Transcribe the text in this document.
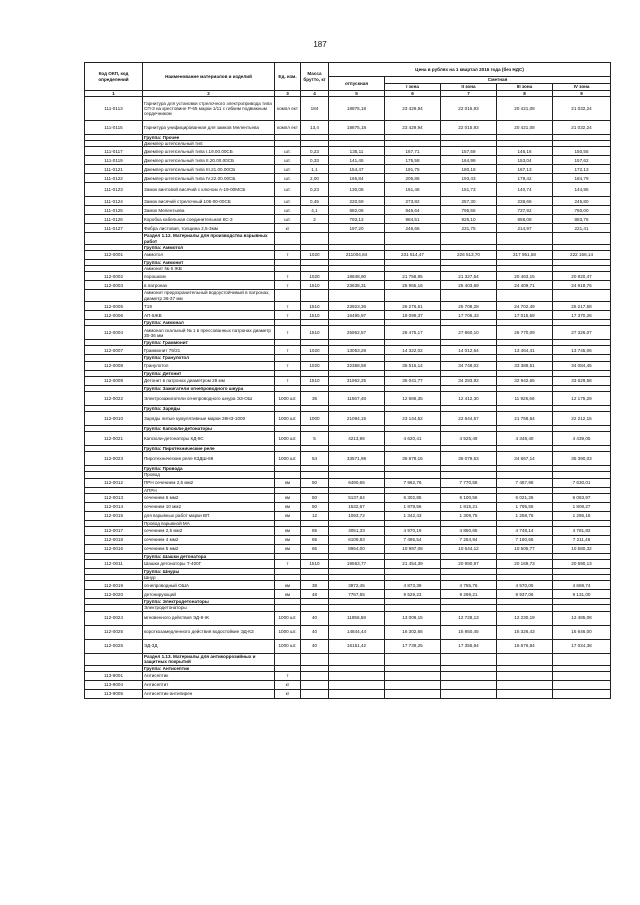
187
Код ОКП, код определений	Наименование материалов и изделий	Ед. изм.	Масса брутто, кг	Цена в рублях на 1 квартал 2016 года (без НДС)				
				отпускная	Сметная			
					I зона	II зона	III зона	IV зона
1	2	3	4	5	6	7	8	9
111-0113	Гарнитура для установки стрелочного электропривода типа СП-3 на крестовине Р-65 марки 1/11 с гибким подвижным сердечником	компл ект	184	18875,18	23 429,94	22 015,93	20 421,08	21 032,24
111-0115	Гарнитура унифицированная для замков Мелентьева	компл ект	13,4	18875,18	23 429,94	22 015,93	20 421,08	21 032,24
	Группа: Прочее							
	Джемпер штепсельный тип:							
111-0117	Джемпер штепсельный типа I.19.00.00СБ	шт.	0,23	135,11	167,71	157,59	146,16	150,55
111-0119	Джемпер штепсельный типа II.20.00.00СБ	шт.	0,33	141,45	175,58	164,99	153,04	157,62
111-0121	Джемпер штепсельный типа III.21.00.00СБ	шт.	1,1	154,47	191,75	180,18	167,13	172,13
111-0122	Джемпер штепсельный типа IV.22.00.00СБ	шт.	2,00	165,84	205,86	193,43	179,42	184,79
111-0123	Замок винтовой висячий с ключом А-19-00МСБ	шт.	0,23	130,08	161,48	151,73	140,74	144,95
111-0124	Замок висячий стрелочный 105-00-00СБ	шт.	0,45	220,59	273,82	257,30	238,66	245,80
111-0125	Замок Мелентьева	шт.	4,1	682,06	846,64	795,55	737,92	760,00
111-0126	Коробка кабельная соединительная КС-3	шт.	2	793,12	984,51	925,10	858,08	883,76
111-0127	Фибра листовая, толщина 2,5-3мм	кг		197,20	246,66	231,75	214,97	221,41
	Раздел 1.12. Материалы для производства взрывных работ							
	Группа: Аммотол							
112-0001	Аммотол	т	1020	211004,84	231 514,47	226 513,70	217 951,58	222 168,14
	Группа: Аммонит							
	Аммонит № 6 ЖВ							
112-0002	порошком	т	1020	18848,90	21 758,95	21 327,54	20 463,15	20 920,47
112-0003	в патронах	т	1510	23638,31	25 965,16	25 403,69	24 409,71	24 918,76
	Аммонит предохранительный водоустойчивый в патронах, диаметр 36-37 мм							
112-0005	Т19	т	1510	23923,36	26 276,51	25 708,28	24 702,49	25 217,58
112-0006	АП-5ЖВ	т	1510	16495,97	18 099,37	17 706,43	17 015,59	17 370,26
	Группа: Аммонал							
112-0004	Аммонал скальный № 1 в прессованных патронах диаметр 35-36 мм	т	1510	25952,57	28 475,17	27 860,10	26 770,09	27 326,07
	Группа: Граммонит							
112-0007	Граммонит 79/21	т	1020	13053,28	14 322,02	14 012,64	13 464,41	13 745,06
	Группа: Гранулотол							
112-0008	Гранулотол	т	1020	32368,58	35 515,14	34 748,02	33 388,51	34 084,45
	Группа: Детонит							
112-0009	Детонит в патронах диаметром 28 мм	т	1510	31962,25	35 041,77	34 283,92	32 942,65	33 629,58
	Группа: Зажигатели огнепроводного шнура							
112-0022	Электрозажигатели огнепроводного шнура ЭЗ-ОШ	1000 шт.	36	11567,48	12 686,35	12 412,30	11 926,66	12 175,29
	Группа: Заряды							
112-0010	Заряды литые кумулятивные марки ЗКНЗ-1000	1000 шт.	1000	21094,15	23 144,52	22 644,57	21 758,64	22 212,15
	Группа: Капсюли-детонаторы							
112-0021	Капсюли-детонаторы КД-8С	1000 шт.	5	4213,96	4 620,41	4 525,49	4 348,40	4 439,05
	Группа: Пиротехнические реле							
112-0023	Пиротехнические реле КЗДШ-69	1000 шт.	54	33571,98	36 878,16	36 079,53	34 667,14	35 390,03
	Группа: Провода							
	Провод							
112-0012	ПРН сечением 2,5 мм2	км	50	6490,66	7 962,76	7 770,58	7 467,98	7 630,01
	АПРН							
112-0013	сечением 6 мм2	км	50	5137,64	6 302,85	6 100,56	6 021,26	6 063,97
112-0014	сечением 10 мм2	км	50	1532,67	1 879,56	1 815,21	1 795,55	1 808,27
112-0015	для взрывных работ марки ВП	км	12	1093,72	1 342,43	1 309,75	1 258,76	1 286,18
	Провод взрывной МА							
112-0017	сечением 2,5 мм2	км	65	4051,33	4 970,19	4 850,65	4 748,14	4 781,82
112-0018	сечением 4 мм2	км	65	6109,83	7 495,54	7 254,94	7 160,66	7 211,46
112-0016	сечением 5 мм2	км	65	8964,00	10 997,08	10 644,12	10 505,77	10 580,32
	Группа: Шашки детонатора							
112-0011	Шашки детонаторы Т-400Г	т	1510	19553,77	21 454,39	20 990,97	20 169,73	20 590,13
	Группа: Шнуры							
	Шнур							
112-0019	огнепроводный ОША	км	38	3972,45	4 873,39	4 755,76	4 570,05	4 669,74
112-0020	детонирующий	км	48	7767,55	9 529,23	9 299,21	8 937,06	9 131,00
	Группа: Электродетонаторы							
	Электродетонаторы							
112-0024	мгновенного действия ЭД-8-Ж	1000 шт.	40	11856,58	13 009,15	12 728,13	12 230,19	12 485,08
112-0025	короткозамедленного действия водостойкие ЭД-КЗ	1000 шт.	40	14844,44	16 302,66	15 950,45	15 326,43	15 646,00
112-0026	ЭД-3Д	1000 шт.	40	16151,42	17 739,25	17 355,64	16 676,84	17 024,38
	Раздел 1.13. Материалы для антикоррозийных и защитных покрытий							
	Группа: Антисептик							
113-9001	Антисептик	т						
113-9004	Антисептит	кг						
113-9005	Антисептик-антипирен	кг						
